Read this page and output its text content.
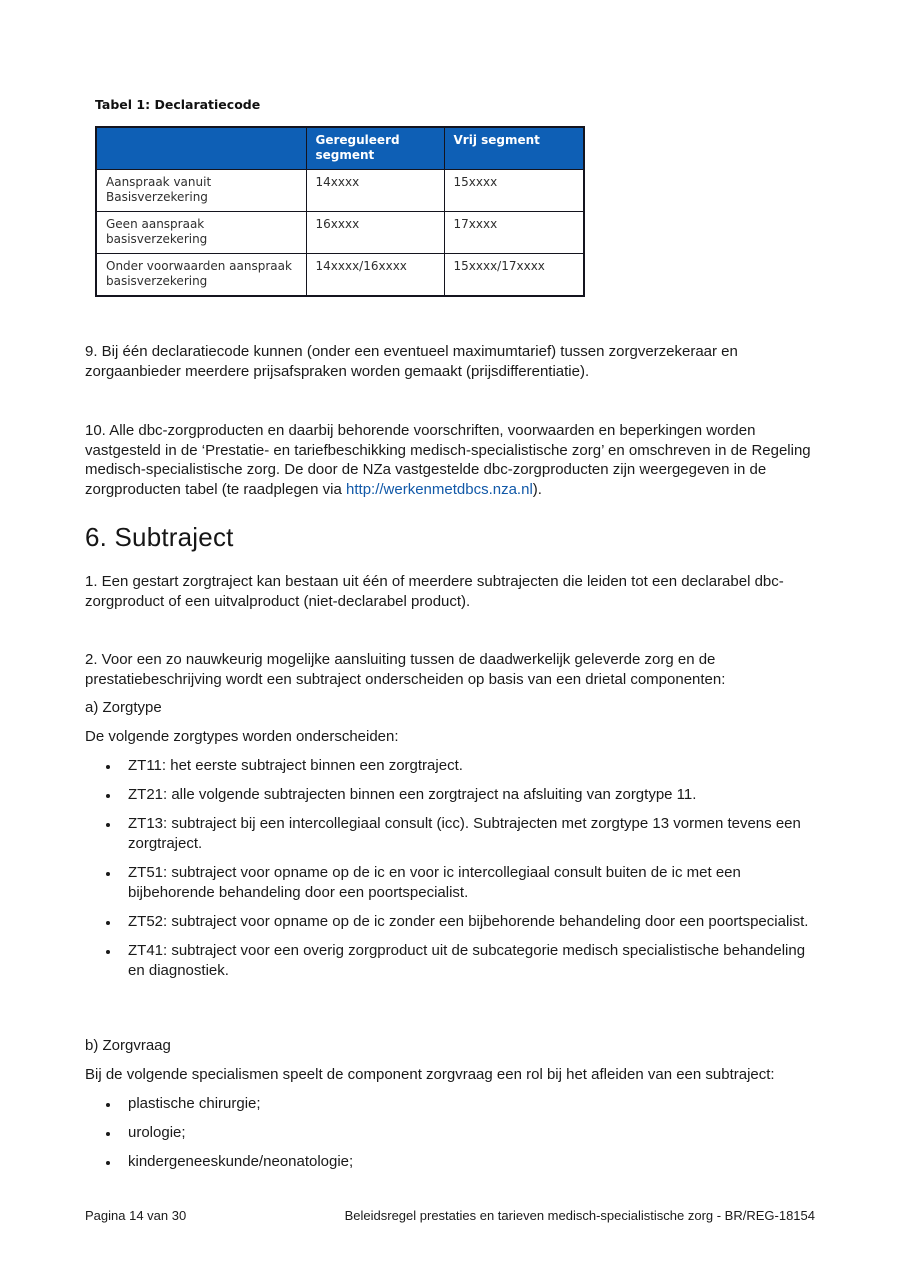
Tabel 1: Declaratiecode
	Gereguleerd segment	Vrij segment
Aanspraak vanuit Basisverzekering	14xxxx	15xxxx
Geen aanspraak basisverzekering	16xxxx	17xxxx
Onder voorwaarden aanspraak basisverzekering	14xxxx/16xxxx	15xxxx/17xxxx

9. Bij één declaratiecode kunnen (onder een eventueel maximumtarief) tussen zorgverzekeraar en zorgaanbieder meerdere prijsafspraken worden gemaakt (prijsdifferentiatie).

10. Alle dbc-zorgproducten en daarbij behorende voorschriften, voorwaarden en beperkingen worden vastgesteld in de ‘Prestatie- en tariefbeschikking medisch-specialistische zorg’ en omschreven in de Regeling medisch-specialistische zorg. De door de NZa vastgestelde dbc-zorgproducten zijn weergegeven in de zorgproducten tabel (te raadplegen via http://werkenmetdbcs.nza.nl).

6. Subtraject

1. Een gestart zorgtraject kan bestaan uit één of meerdere subtrajecten die leiden tot een declarabel dbc-zorgproduct of een uitvalproduct (niet-declarabel product).

2. Voor een zo nauwkeurig mogelijke aansluiting tussen de daadwerkelijk geleverde zorg en de prestatiebeschrijving wordt een subtraject onderscheiden op basis van een drietal componenten:

a) Zorgtype

De volgende zorgtypes worden onderscheiden:

ZT11: het eerste subtraject binnen een zorgtraject.
ZT21: alle volgende subtrajecten binnen een zorgtraject na afsluiting van zorgtype 11.
ZT13: subtraject bij een intercollegiaal consult (icc). Subtrajecten met zorgtype 13 vormen tevens een zorgtraject.
ZT51: subtraject voor opname op de ic en voor ic intercollegiaal consult buiten de ic met een bijbehorende behandeling door een poortspecialist.
ZT52: subtraject voor opname op de ic zonder een bijbehorende behandeling door een poortspecialist.
ZT41: subtraject voor een overig zorgproduct uit de subcategorie medisch specialistische behandeling en diagnostiek.

b) Zorgvraag

Bij de volgende specialismen speelt de component zorgvraag een rol bij het afleiden van een subtraject:

plastische chirurgie;
urologie;
kindergeneeskunde/neonatologie;
Pagina 14 van 30	Beleidsregel prestaties en tarieven medisch-specialistische zorg - BR/REG-18154
